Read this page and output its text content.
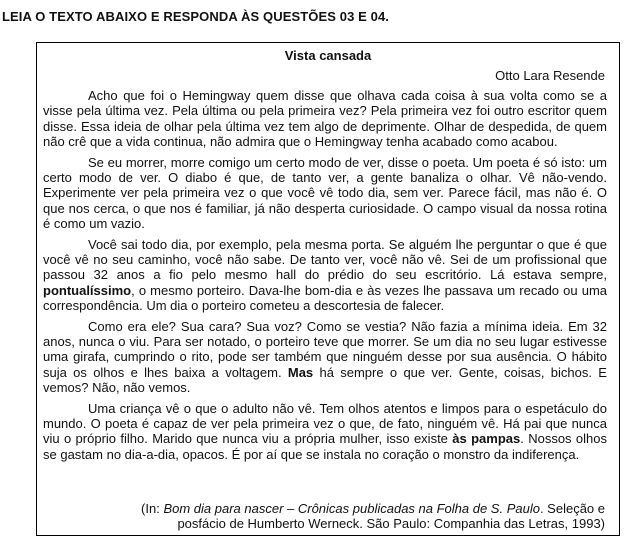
LEIA O TEXTO ABAIXO E RESPONDA ÀS QUESTÕES 03 E 04.
Vista cansada
Otto Lara Resende

Acho que foi o Hemingway quem disse que olhava cada coisa à sua volta como se a visse pela última vez. Pela última ou pela primeira vez? Pela primeira vez foi outro escritor quem disse. Essa ideia de olhar pela última vez tem algo de deprimente. Olhar de despedida, de quem não crê que a vida continua, não admira que o Hemingway tenha acabado como acabou.

Se eu morrer, morre comigo um certo modo de ver, disse o poeta. Um poeta é só isto: um certo modo de ver. O diabo é que, de tanto ver, a gente banaliza o olhar. Vê não-vendo. Experimente ver pela primeira vez o que você vê todo dia, sem ver. Parece fácil, mas não é. O que nos cerca, o que nos é familiar, já não desperta curiosidade. O campo visual da nossa rotina é como um vazio.

Você sai todo dia, por exemplo, pela mesma porta. Se alguém lhe perguntar o que é que você vê no seu caminho, você não sabe. De tanto ver, você não vê. Sei de um profissional que passou 32 anos a fio pelo mesmo hall do prédio do seu escritório. Lá estava sempre, pontualíssimo, o mesmo porteiro. Dava-lhe bom-dia e às vezes lhe passava um recado ou uma correspondência. Um dia o porteiro cometeu a descortesia de falecer.

Como era ele? Sua cara? Sua voz? Como se vestia? Não fazia a mínima ideia. Em 32 anos, nunca o viu. Para ser notado, o porteiro teve que morrer. Se um dia no seu lugar estivesse uma girafa, cumprindo o rito, pode ser também que ninguém desse por sua ausência. O hábito suja os olhos e lhes baixa a voltagem. Mas há sempre o que ver. Gente, coisas, bichos. E vemos? Não, não vemos.

Uma criança vê o que o adulto não vê. Tem olhos atentos e limpos para o espetáculo do mundo. O poeta é capaz de ver pela primeira vez o que, de fato, ninguém vê. Há pai que nunca viu o próprio filho. Marido que nunca viu a própria mulher, isso existe às pampas. Nossos olhos se gastam no dia-a-dia, opacos. É por aí que se instala no coração o monstro da indiferença.

(In: Bom dia para nascer – Crônicas publicadas na Folha de S. Paulo. Seleção e
posfácio de Humberto Werneck. São Paulo: Companhia das Letras, 1993)
